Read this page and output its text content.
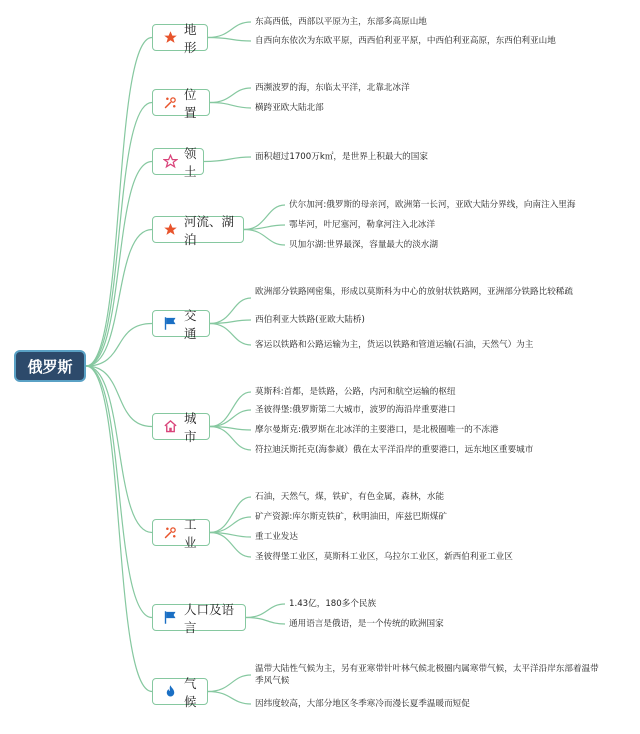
俄罗斯
地形
东高西低，西部以平原为主，东部多高原山地
自西向东依次为东欧平原，西西伯利亚平原，中西伯利亚高原，东西伯利亚山地
位置
西濒波罗的海，东临太平洋，北靠北冰洋
横跨亚欧大陆北部
领土
面积超过1700万k㎡，是世界上积最大的国家
河流、湖泊
伏尔加河:俄罗斯的母亲河，欧洲第一长河，亚欧大陆分界线，向南注入里海
鄂毕河，叶尼塞河，勒拿河注入北冰洋
贝加尔湖:世界最深，容量最大的淡水湖
交通
欧洲部分铁路网密集，形成以莫斯科为中心的放射状铁路网，亚洲部分铁路比较稀疏
西伯利亚大铁路(亚欧大陆桥)
客运以铁路和公路运输为主，货运以铁路和管道运输(石油，天然气）为主
城市
莫斯科:首都，是铁路，公路，内河和航空运输的枢纽
圣彼得堡:俄罗斯第二大城市，波罗的海沿岸重要港口
摩尔曼斯克:俄罗斯在北冰洋的主要港口，是北极圈唯一的不冻港
符拉迪沃斯托克(海参崴）俄在太平洋沿岸的重要港口，远东地区重要城市
工业
石油，天然气，煤，铁矿，有色金属，森林，水能
矿产资源:库尔斯克铁矿，秋明油田，库兹巴斯煤矿
重工业发达
圣彼得堡工业区，莫斯科工业区，乌拉尔工业区，新西伯利亚工业区
人口及语言
1.43亿，180多个民族
通用语言是俄语，是一个传统的欧洲国家
气候
温带大陆性气候为主，另有亚寒带针叶林气候北极圈内属寒带气候，太平洋沿岸东部着温带季风气候
因纬度较高，大部分地区冬季寒冷而漫长夏季温暖而短促
